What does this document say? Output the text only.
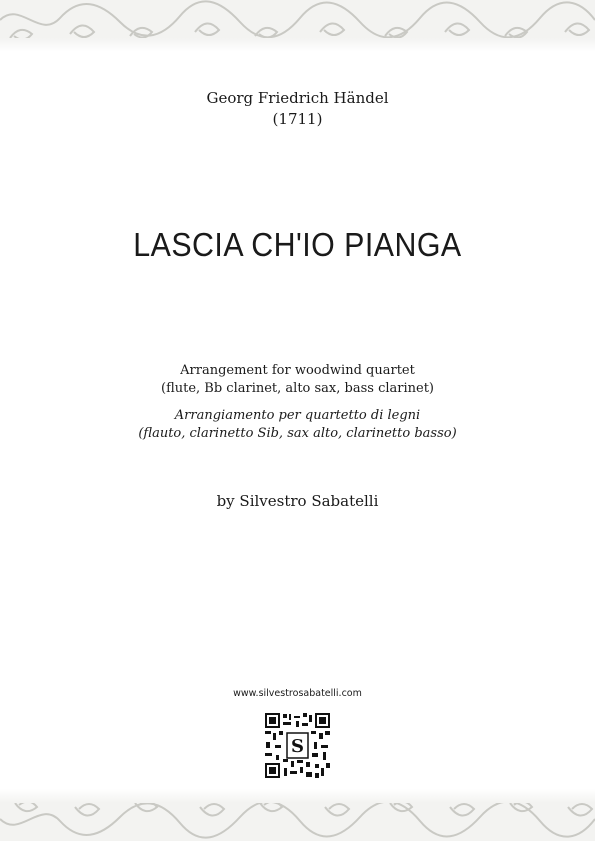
Georg Friedrich Händel
(1711)
LASCIA CH'IO PIANGA
Arrangement for woodwind quartet
(flute, Bb clarinet, alto sax, bass clarinet)
Arrangiamento per quartetto di legni
(flauto, clarinetto Sib, sax alto, clarinetto basso)
by Silvestro Sabatelli
www.silvestrosabatelli.com
S
